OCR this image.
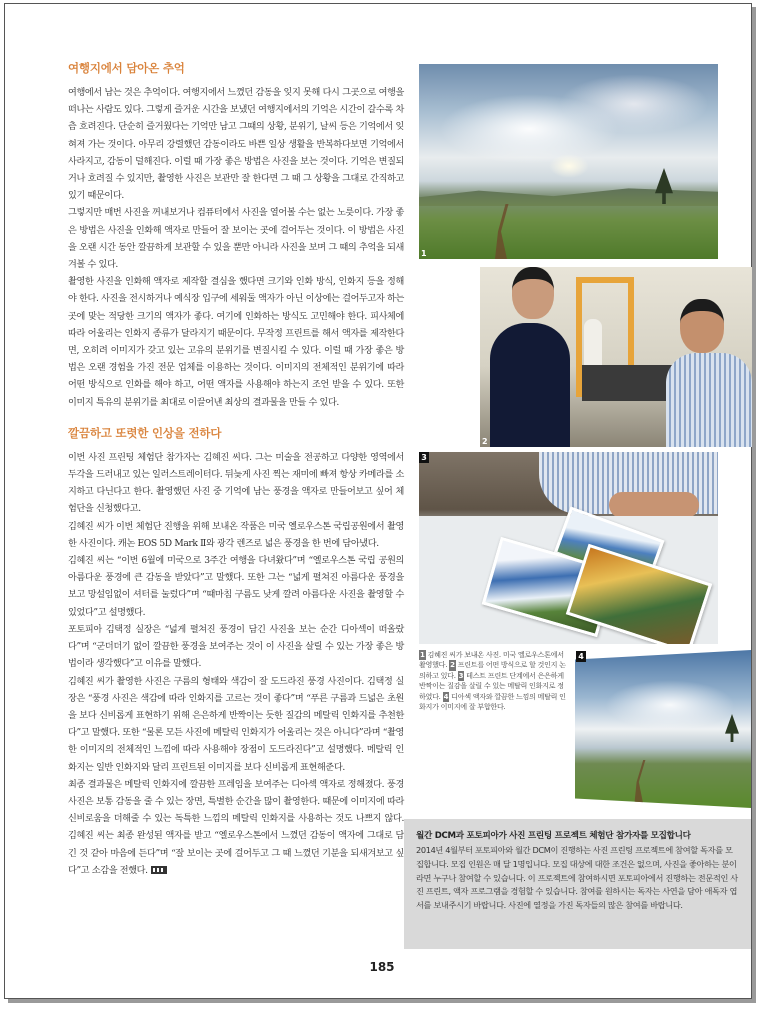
여행지에서 담아온 추억

여행에서 남는 것은 추억이다. 여행지에서 느꼈던 감동을 잊지 못해 다시 그곳으로 여행을 떠나는 사람도 있다. 그렇게 즐거운 시간을 보냈던 여행지에서의 기억은 시간이 갈수록 차츰 흐려진다. 단순히 즐거웠다는 기억만 남고 그때의 상황, 분위기, 날씨 등은 기억에서 잊혀져 가는 것이다. 아무리 강렬했던 감동이라도 바쁜 일상 생활을 반복하다보면 기억에서 사라지고, 감동이 덜해진다. 이럴 때 가장 좋은 방법은 사진을 보는 것이다. 기억은 변질되거나 흐려질 수 있지만, 촬영한 사진은 보관만 잘 한다면 그 때 그 상황을 그대로 간직하고 있기 때문이다.

그렇지만 매번 사진을 꺼내보거나 컴퓨터에서 사진을 열어볼 수는 없는 노릇이다. 가장 좋은 방법은 사진을 인화해 액자로 만들어 잘 보이는 곳에 걸어두는 것이다. 이 방법은 사진을 오랜 시간 동안 깔끔하게 보관할 수 있을 뿐만 아니라 사진을 보며 그 때의 추억을 되새겨볼 수 있다.

촬영한 사진을 인화해 액자로 제작할 결심을 했다면 크기와 인화 방식, 인화지 등을 정해야 한다. 사진을 전시하거나 예식장 입구에 세워둘 액자가 아닌 이상에는 걸어두고자 하는 곳에 맞는 적당한 크기의 액자가 좋다. 여기에 인화하는 방식도 고민해야 한다. 피사체에 따라 어울리는 인화지 종류가 달라지기 때문이다. 무작정 프린트를 해서 액자를 제작한다면, 오히려 이미지가 갖고 있는 고유의 분위기를 변질시킬 수 있다. 이럴 때 가장 좋은 방법은 오랜 경험을 가진 전문 업체를 이용하는 것이다. 이미지의 전체적인 분위기에 따라 어떤 방식으로 인화를 해야 하고, 어떤 액자를 사용해야 하는지 조언 받을 수 있다. 또한 이미지 특유의 분위기를 최대로 이끌어낸 최상의 결과물을 만들 수 있다.

깔끔하고 또렷한 인상을 전하다

이번 사진 프린팅 체험단 참가자는 김혜진 씨다. 그는 미술을 전공하고 다양한 영역에서 두각을 드러내고 있는 일러스트레이터다. 뒤늦게 사진 찍는 재미에 빠져 항상 카메라를 소지하고 다닌다고 한다. 촬영했던 사진 중 기억에 남는 풍경을 액자로 만들어보고 싶어 체험단을 신청했다고.

김혜진 씨가 이번 체험단 진행을 위해 보내온 작품은 미국 옐로우스톤 국립공원에서 촬영한 사진이다. 캐논 EOS 5D Mark Ⅱ와 광각 렌즈로 넓은 풍경을 한 번에 담아냈다.

김혜진 씨는 “이번 6월에 미국으로 3주간 여행을 다녀왔다”며 “옐로우스톤 국립 공원의 아름다운 풍경에 큰 감동을 받았다”고 말했다. 또한 그는 “넓게 펼쳐진 아름다운 풍경을 보고 망설임없이 셔터를 눌렀다”며 “때마침 구름도 낮게 깔려 아름다운 사진을 촬영할 수 있었다”고 설명했다.

포토피아 김택정 실장은 “넓게 펼쳐진 풍경이 담긴 사진을 보는 순간 디아섹이 떠올랐다”며 “군더더기 없이 깔끔한 풍경을 보여주는 것이 이 사진을 살릴 수 있는 가장 좋은 방법이라 생각했다”고 이유를 말했다.

김혜진 씨가 촬영한 사진은 구름의 형태와 색감이 잘 도드라진 풍경 사진이다. 김택정 실장은 “풍경 사진은 색감에 따라 인화지를 고르는 것이 좋다”며 “푸른 구름과 드넓은 초원을 보다 신비롭게 표현하기 위해 은은하게 반짝이는 듯한 질감의 메탈릭 인화지를 추천한다”고 말했다. 또한 “물론 모든 사진에 메탈릭 인화지가 어울리는 것은 아니다”라며 “촬영한 이미지의 전체적인 느낌에 따라 사용해야 장점이 도드라진다”고 설명했다. 메탈릭 인화지는 일반 인화지와 달리 프린트된 이미지를 보다 신비롭게 표현해준다.

최종 결과물은 메탈릭 인화지에 깔끔한 프레임을 보여주는 디아섹 액자로 정해졌다. 풍경 사진은 보통 감동을 줄 수 있는 장면, 특별한 순간을 많이 촬영한다. 때문에 이미지에 따라 신비로움을 더해줄 수 있는 독특한 느낌의 메탈릭 인화지를 사용하는 것도 나쁘지 않다. 김혜진 씨는 최종 완성된 액자를 받고 “옐로우스톤에서 느꼈던 감동이 액자에 그대로 담긴 것 같아 마음에 든다”며 “잘 보이는 곳에 걸어두고 그 때 느꼈던 기분을 되새겨보고 싶다”고 소감을 전했다.

1
2
3
1 김혜진 씨가 보내온 사진. 미국 옐로우스톤에서 촬영했다. 2 프린트를 어떤 방식으로 할 것인지 논의하고 있다. 3 테스트 프린트 단계에서 은은하게 반짝이는 질감을 살릴 수 있는 메탈릭 인화지로 정하였다. 4 디아섹 액자와 깔끔한 느낌의 메탈릭 인화지가 이미지에 잘 부합한다.
4
월간 DCM과 포토피아가 사진 프린팅 프로젝트 체험단 참가자를 모집합니다
2014년 4월부터 포토피아와 월간 DCM이 진행하는 사진 프린팅 프로젝트에 참여할 독자를 모집합니다. 모집 인원은 매 달 1명입니다. 모집 대상에 대한 조건은 없으며, 사진을 좋아하는 분이라면 누구나 참여할 수 있습니다. 이 프로젝트에 참여하시면 포토피아에서 진행하는 전문적인 사진 프린트, 액자 프로그램을 경험할 수 있습니다. 참여를 원하시는 독자는 사연을 담아 애독자 엽서를 보내주시기 바랍니다. 사진에 열정을 가진 독자들의 많은 참여를 바랍니다.
185
